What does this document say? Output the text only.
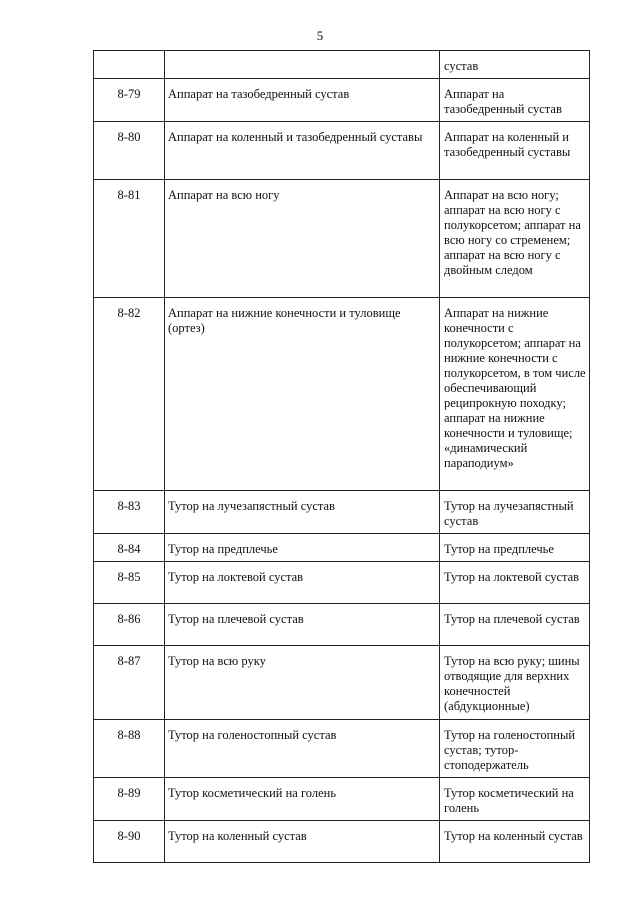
5
		сустав
8-79	Аппарат на тазобедренный сустав	Аппарат на тазобедренный сустав
8-80	Аппарат на коленный и тазобедренный суставы	Аппарат на коленный и тазобедренный суставы
8-81	Аппарат на всю ногу	Аппарат на всю ногу; аппарат на всю ногу с полукорсетом; аппарат на всю ногу со стременем; аппарат на всю ногу с двойным следом
8-82	Аппарат на нижние конечности и туловище (ортез)	Аппарат на нижние конечности с полукорсетом; аппарат на нижние конечности с полукорсетом, в том числе обеспечивающий реципрокную походку; аппарат на нижние конечности и туловище; «динамический параподиум»
8-83	Тутор на лучезапястный сустав	Тутор на лучезапястный сустав
8-84	Тутор на предплечье	Тутор на предплечье
8-85	Тутор на локтевой сустав	Тутор на локтевой сустав
8-86	Тутор на плечевой сустав	Тутор на плечевой сустав
8-87	Тутор на всю руку	Тутор на всю руку; шины отводящие для верхних конечностей (абдукционные)
8-88	Тутор на голеностопный сустав	Тутор на голеностопный сустав; тутор-стоподержатель
8-89	Тутор косметический на голень	Тутор косметический на голень
8-90	Тутор на коленный сустав	Тутор на коленный сустав
